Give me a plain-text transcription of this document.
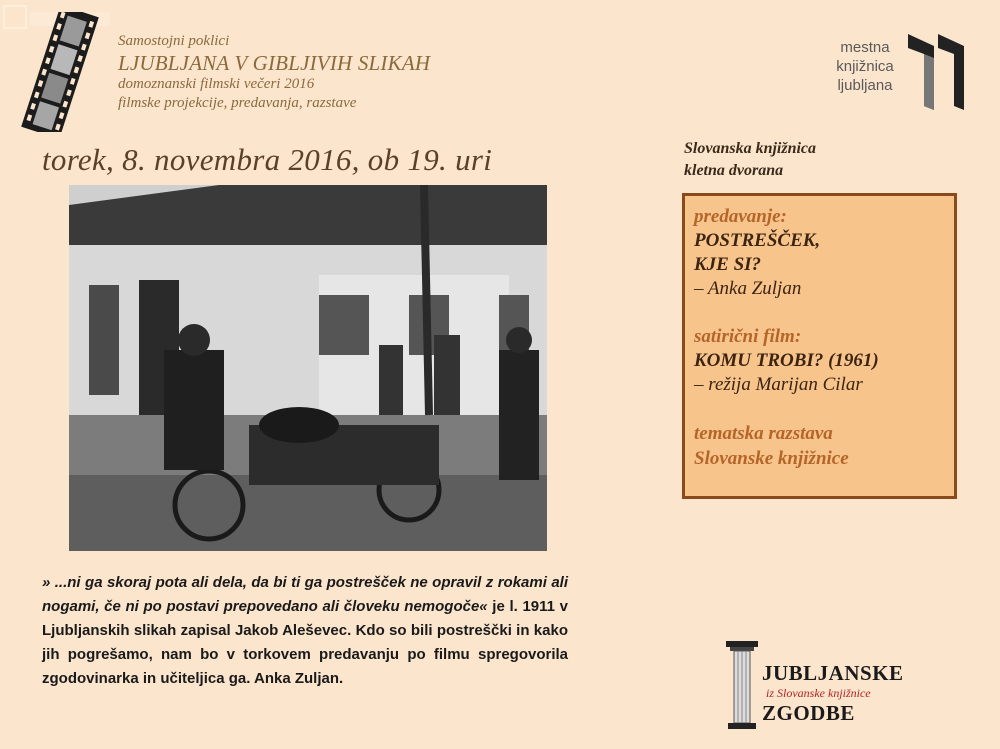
Samostojni poklici
LJUBLJANA V GIBLJIVIH SLIKAH
domoznanski filmski večeri 2016
filmske projekcije, predavanja, razstave
mestna
knjižnica
ljubljana
torek, 8. novembra 2016, ob 19. uri	Slovanska knjižnica
kletna dvorana

predavanje:

POSTREŠČEK,

KJE SI?

– Anka Zuljan

satirični film:

KOMU TROBI? (1961)

– režija Marijan Cilar

tematska razstava

Slovanske knjižnice

» ...ni ga skoraj pota ali dela, da bi ti ga postrešček ne opravil z rokami ali nogami, če ni po postavi prepovedano ali človeku nemogoče« je l. 1911 v Ljubljanskih slikah zapisal Jakob Aleševec. Kdo so bili postreščki in kako jih pogrešamo, nam bo v torkovem predavanju po filmu spregovorila zgodovinarka in učiteljica ga. Anka Zuljan.	JUBLJANSKE
iz Slovanske knjižnice
ZGODBE
